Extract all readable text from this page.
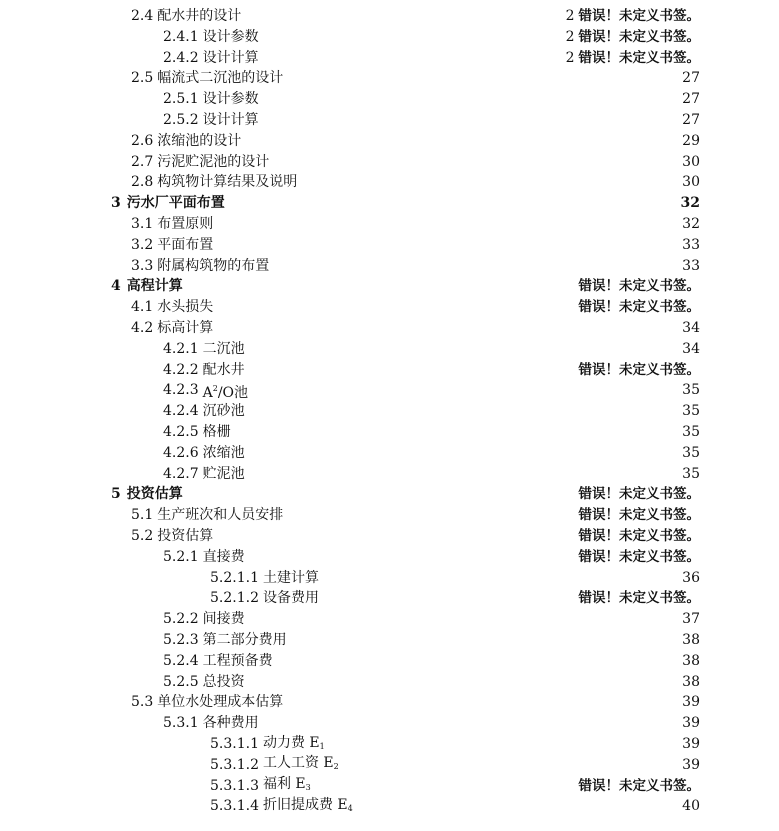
2.4 配水井的设计	2 错误！未定义书签。
2.4.1 设计参数	2 错误！未定义书签。
2.4.2 设计计算	2 错误！未定义书签。
2.5 幅流式二沉池的设计	27
2.5.1 设计参数	27
2.5.2 设计计算	27
2.6 浓缩池的设计	29
2.7 污泥贮泥池的设计	30
2.8 构筑物计算结果及说明	30
3 污水厂平面布置	32
3.1 布置原则	32
3.2 平面布置	33
3.3 附属构筑物的布置	33
4 高程计算	错误！未定义书签。
4.1 水头损失	错误！未定义书签。
4.2 标高计算	34
4.2.1 二沉池	34
4.2.2 配水井	错误！未定义书签。
4.2.3 $A^2/O$池	35
4.2.4 沉砂池	35
4.2.5 格栅	35
4.2.6 浓缩池	35
4.2.7 贮泥池	35
5 投资估算	错误！未定义书签。
5.1 生产班次和人员安排	错误！未定义书签。
5.2 投资估算	错误！未定义书签。
5.2.1 直接费	错误！未定义书签。
5.2.1.1 土建计算	36
5.2.1.2 设备费用	错误！未定义书签。
5.2.2 间接费	37
5.2.3 第二部分费用	38
5.2.4 工程预备费	38
5.2.5 总投资	38
5.3 单位水处理成本估算	39
5.3.1 各种费用	39
5.3.1.1 动力费 $E_1$	39
5.3.1.2 工人工资 $E_2$	39
5.3.1.3 福利 $E_3$	错误！未定义书签。
5.3.1.4 折旧提成费 $E_4$	40
